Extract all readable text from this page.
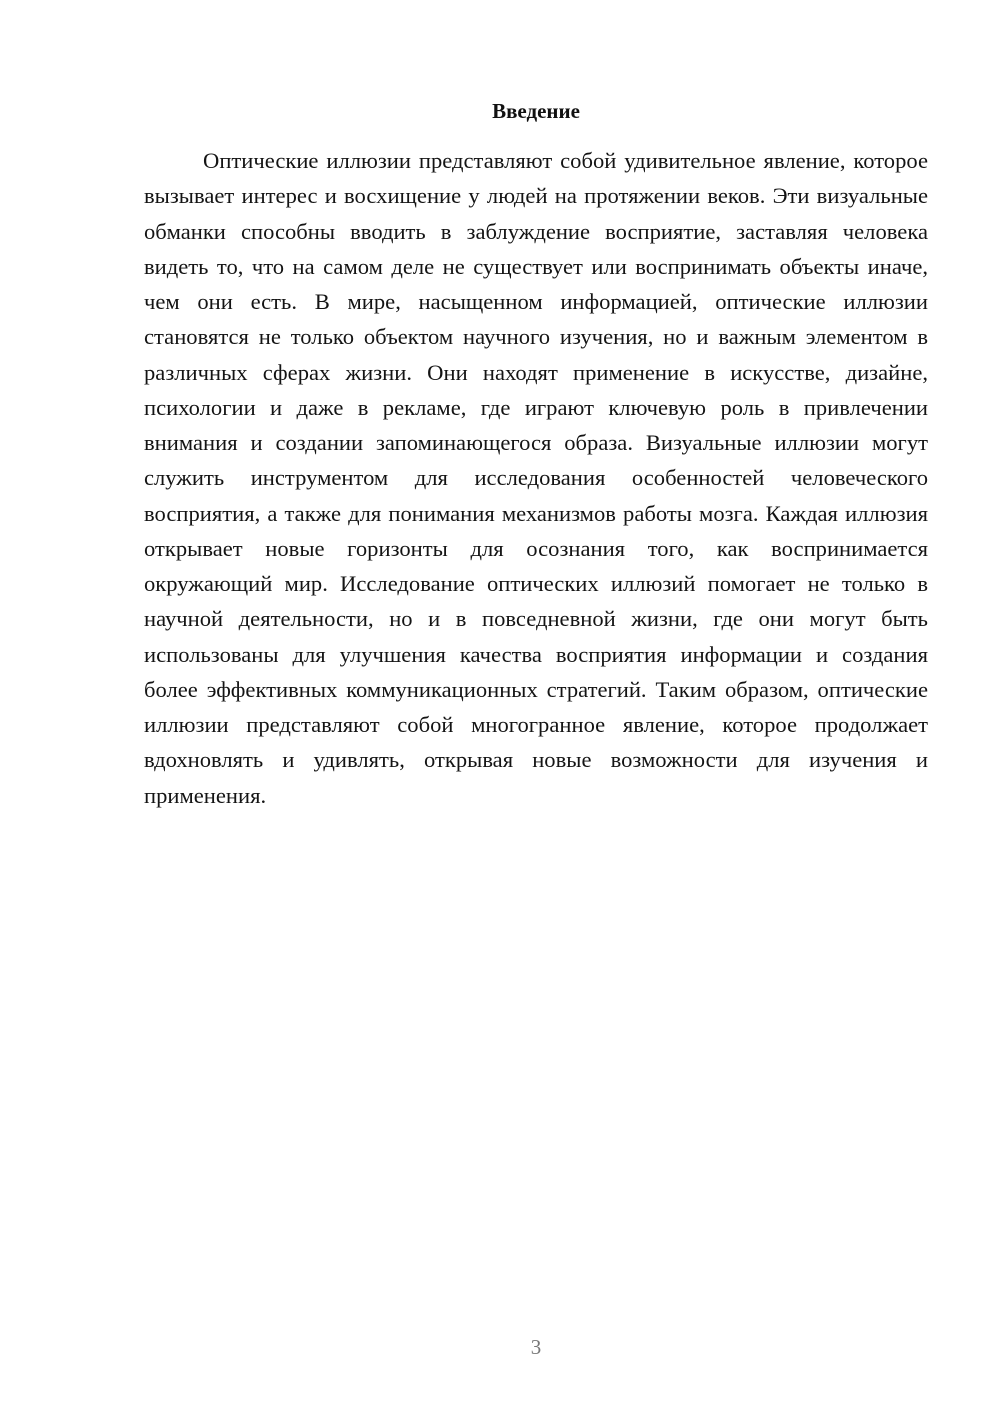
Введение

Оптические иллюзии представляют собой удивительное явление, которое вызывает интерес и восхищение у людей на протяжении веков. Эти визуальные обманки способны вводить в заблуждение восприятие, заставляя человека видеть то, что на самом деле не существует или воспринимать объекты иначе, чем они есть. В мире, насыщенном информацией, оптические иллюзии становятся не только объектом научного изучения, но и важным элементом в различных сферах жизни. Они находят применение в искусстве, дизайне, психологии и даже в рекламе, где играют ключевую роль в привлечении внимания и создании запоминающегося образа. Визуальные иллюзии могут служить инструментом для исследования особенностей человеческого восприятия, а также для понимания механизмов работы мозга. Каждая иллюзия открывает новые горизонты для осознания того, как воспринимается окружающий мир. Исследование оптических иллюзий помогает не только в научной деятельности, но и в повседневной жизни, где они могут быть использованы для улучшения качества восприятия информации и создания более эффективных коммуникационных стратегий. Таким образом, оптические иллюзии представляют собой многогранное явление, которое продолжает вдохновлять и удивлять, открывая новые возможности для изучения и применения.

3
